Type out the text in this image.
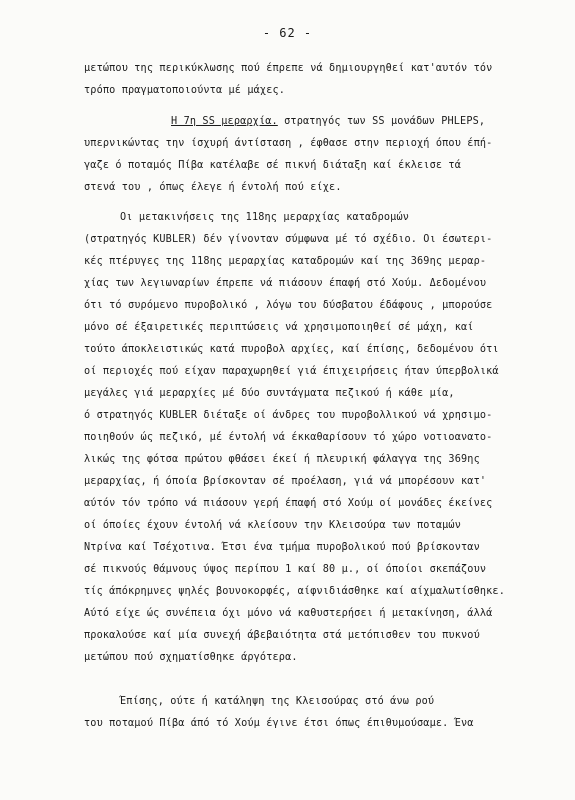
- 62 -
μετώπου της περικύκλωσης πού έπρεπε νά δημιουργηθεί κατ'αυτόν τόν
τρόπο πραγματοποιούντα μέ μάχες.
Η 7η SS μεραρχία. στρατηγός των SS μονάδων PHLEPS,
υπερνικώντας την ίσχυρή άντίσταση , έφθασε στην περιοχή όπου έπή-
γαζε ό ποταμός Πίβα κατέλαβε σέ πικνή διάταξη καί έκλεισε τά
στενά του , όπως έλεγε ή έντολή πού είχε.
Οι μετακινήσεις της 118ης μεραρχίας καταδρομών
(στρατηγός KUBLER) δέν γίνονταν σύμφωνα μέ τό σχέδιο. Οι έσωτερι-
κές πτέρυγες της 118ης μεραρχίας καταδρομών καί της 369ης μεραρ-
χίας των λεγιωναρίων έπρεπε νά πιάσουν έπαφή στό Χούμ. Δεδομένου
ότι τό συρόμενο πυροβολικό , λόγω του δύσβατου έδάφους , μπορούσε
μόνο σέ έξαιρετικές περιπτώσεις νά χρησιμοποιηθεί σέ μάχη, καί
τούτο άποκλειστικώς κατά πυροβολ αρχίες, καί έπίσης, δεδομένου ότι
οί περιοχές πού είχαν παραχωρηθεί γιά έπιχειρήσεις ήταν ύπερβολικά
μεγάλες γιά μεραρχίες μέ δύο συντάγματα πεζικού ή κάθε μία,
ό στρατηγός KUBLER διέταξε οί άνδρες του πυροβολλικού νά χρησιμο-
ποιηθούν ώς πεζικό, μέ έντολή νά έκκαθαρίσουν τό χώρο νοτιοανατο-
λικώς της φότσα πρώτου φθάσει έκεί ή πλευρική φάλαγγα της 369ης
μεραρχίας, ή όποία βρίσκονταν σέ προέλαση, γιά νά μπορέσουν κατ'
αύτόν τόν τρόπο νά πιάσουν γερή έπαφή στό Χούμ οί μονάδες έκείνες
οί όποίες έχουν έντολή νά κλείσουν την Κλεισούρα των ποταμών
Ντρίνα καί Τσέχοτινα. Έτσι ένα τμήμα πυροβολικού πού βρίσκονταν
σέ πικνούς θάμνους ύψος περίπου 1 καί 80 μ., οί όποίοι σκεπάζουν
τίς άπόκρημνες ψηλές βουνοκορφές, αίφνιδιάσθηκε καί αίχμαλωτίσθηκε.
Αύτό είχε ώς συνέπεια όχι μόνο νά καθυστερήσει ή μετακίνηση, άλλά
προκαλούσε καί μία συνεχή άβεβαιότητα στά μετόπισθεν του πυκνού
μετώπου πού σχηματίσθηκε άργότερα.
Έπίσης, ούτε ή κατάληψη της Κλεισούρας στό άνω ρού
του ποταμού Πίβα άπό τό Χούμ έγινε έτσι όπως έπιθυμούσαμε. Ένα
